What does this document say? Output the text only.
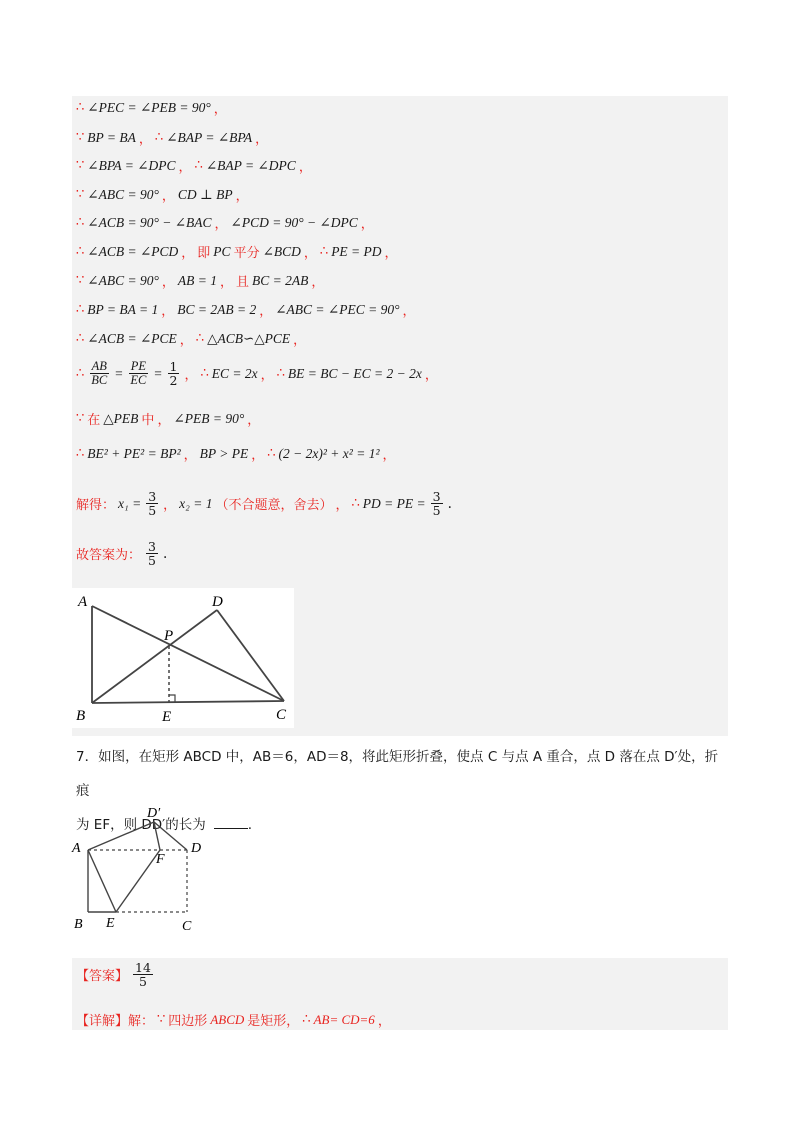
∴ ∠PEC = ∠PEB = 90° ，
∵ BP = BA ， ∴ ∠BAP = ∠BPA ，
∵ ∠BPA = ∠DPC ， ∴ ∠BAP = ∠DPC ，
∵ ∠ABC = 90° ， CD ⊥ BP ，
∴ ∠ACB = 90° − ∠BAC ， ∠PCD = 90° − ∠DPC ，
∴ ∠ACB = ∠PCD ， 即 PC 平分 ∠BCD ， ∴ PE = PD ，
∵ ∠ABC = 90° ， AB = 1 ， 且 BC = 2AB ，
∴ BP = BA = 1 ， BC = 2AB = 2 ， ∠ABC = ∠PEC = 90° ，
∴ ∠ACB = ∠PCE ， ∴ △ACB∽△PCE ，
∴ $\frac{AB}{BC} = \frac{PE}{EC} = \frac{1}{2}$ ， ∴ EC = 2x ， ∴ BE = BC − EC = 2 − 2x ，
∵ 在 △PEB 中 ， ∠PEB = 90° ，
∴ BE² + PE² = BP² ， BP > PE ， ∴ (2 − 2x)² + x² = 1² ，
解得： $x_1 = \frac{3}{5}$ ， x₂ = 1 （不合题意，舍去） ， ∴ PD = PE = $\frac{3}{5}$ .
故答案为： $\frac{3}{5}$ .
A
B	C
D
E
P
7．如图，在矩形 ABCD 中，AB＝6，AD＝8，将此矩形折叠，使点 C 与点 A 重合，点 D 落在点 D′处，折痕
为 EF，则 DD′的长为	.
A
B	C
D
D′
E
F
【答案】 $\frac{14}{5}$
【详解】解： ∵ 四边形 ABCD 是矩形， ∴ AB= CD=6 ，
